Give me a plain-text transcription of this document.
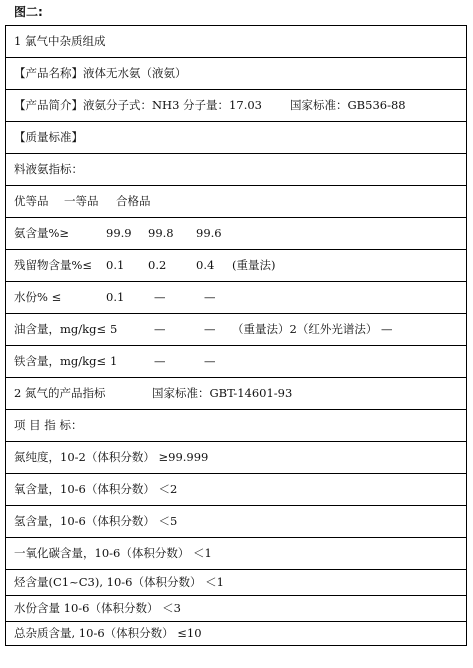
图二:
1 氯气中杂质组成
【产品名称】液体无水氨（液氨）
【产品简介】液氨分子式：NH3 分子量：17.03 国家标准：GB536-88
【质量标准】
料液氨指标：
优等品 一等品 合格品
氨含量%≥	99.9 99.8 99.6
残留物含量%≤ 0.1 0.2	0.4 (重量法)
水份% ≤	0.1	—	—
油含量，mg/kg≤ 5	—	— （重量法）2（红外光谱法） —
铁含量，mg/kg≤ 1	—	—
2 氮气的产品指标	国家标准：GBT-14601-93
项 目 指 标：
氮纯度，10-2（体积分数） ≥99.999
氧含量，10-6（体积分数） ＜2
氢含量，10-6（体积分数） ＜5
一氧化碳含量，10-6（体积分数） ＜1
烃含量(C1~C3), 10-6（体积分数） ＜1
水份含量 10-6（体积分数） ＜3
总杂质含量, 10-6（体积分数） ≤10
